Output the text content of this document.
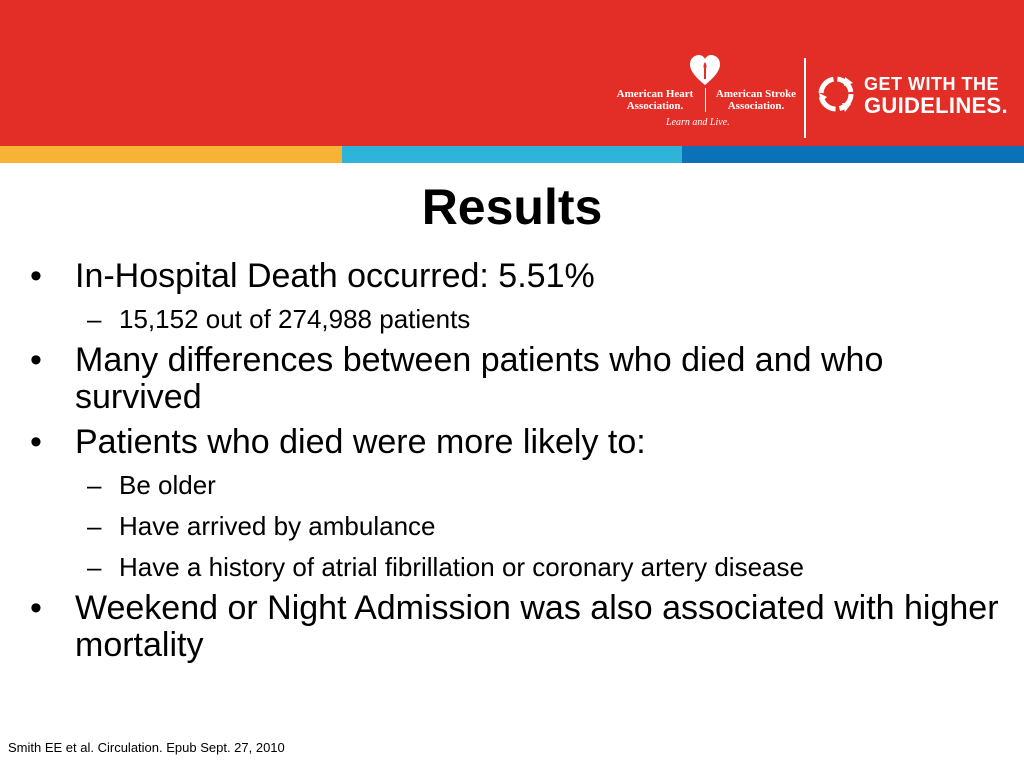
American Heart
Association.
American Stroke
Association.
Learn and Live.
GET WITH THE
GUIDELINES.
Results
• In-Hospital Death occurred: 5.51%
– 15,152 out of 274,988 patients
• Many differences between patients who died and who survived
• Patients who died were more likely to:
– Be older
– Have arrived by ambulance
– Have a history of atrial fibrillation or coronary artery disease
• Weekend or Night Admission was also associated with higher mortality
Smith EE et al. Circulation. Epub Sept. 27, 2010
